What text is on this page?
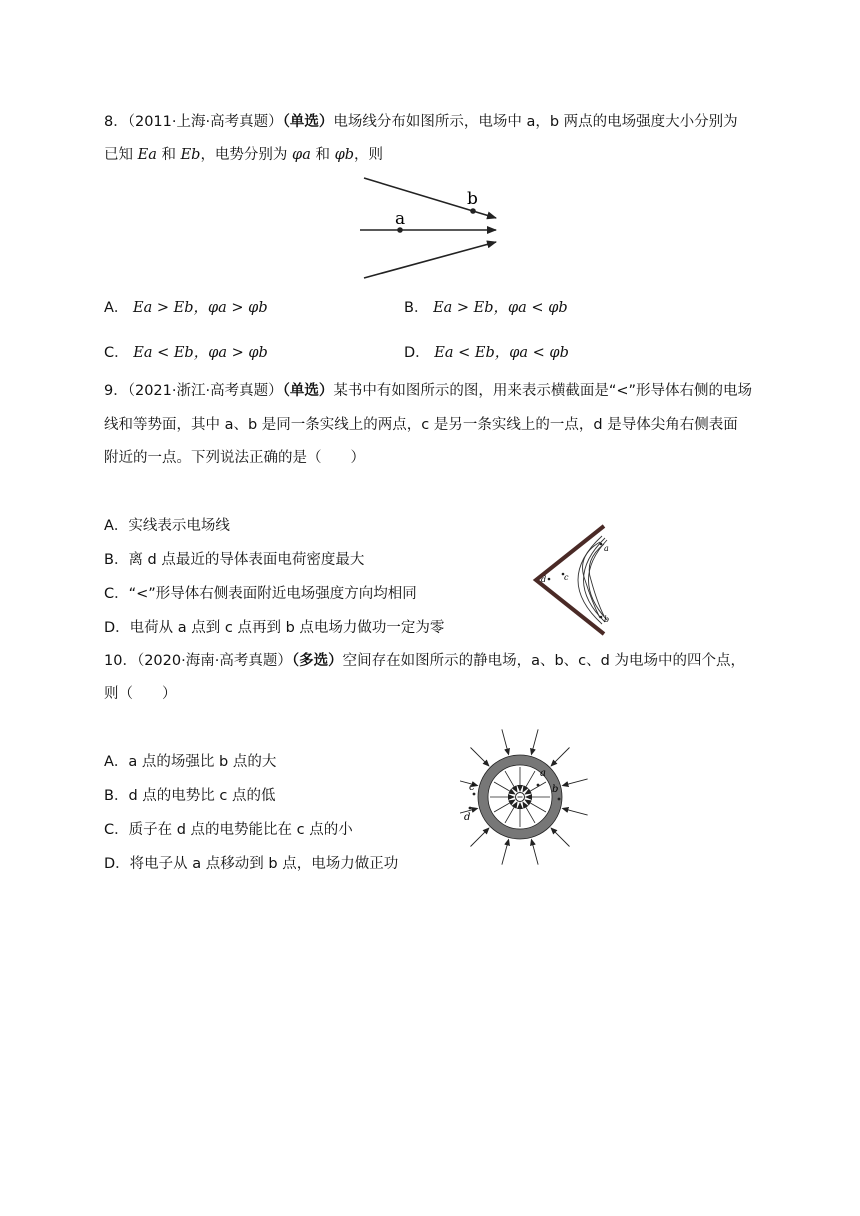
8．（2011·上海·高考真题）（单选）电场线分布如图所示，电场中 a，b 两点的电场强度大小分别为
已知 Ea 和 Eb，电势分别为 φa 和 φb，则
a
b
A． Ea > Eb，φa > φb	B． Ea > Eb，φa < φb
C． Ea < Eb，φa > φb	D． Ea < Eb，φa < φb
9．（2021·浙江·高考真题）（单选）某书中有如图所示的图，用来表示横截面是“<”形导体右侧的电场
线和等势面，其中 a、b 是同一条实线上的两点，c 是另一条实线上的一点，d 是导体尖角右侧表面
附近的一点。下列说法正确的是（　　）
A．实线表示电场线
B．离 d 点最近的导体表面电荷密度最大
C．“<”形导体右侧表面附近电场强度方向均相同
D．电荷从 a 点到 c 点再到 b 点电场力做功一定为零
d c
a
b
10．（2020·海南·高考真题）（多选）空间存在如图所示的静电场，a、b、c、d 为电场中的四个点，
则（　　）
A．a 点的场强比 b 点的大
B．d 点的电势比 c 点的低
C．质子在 d 点的电势能比在 c 点的小
D．将电子从 a 点移动到 b 点，电场力做正功
a
b
c
d
